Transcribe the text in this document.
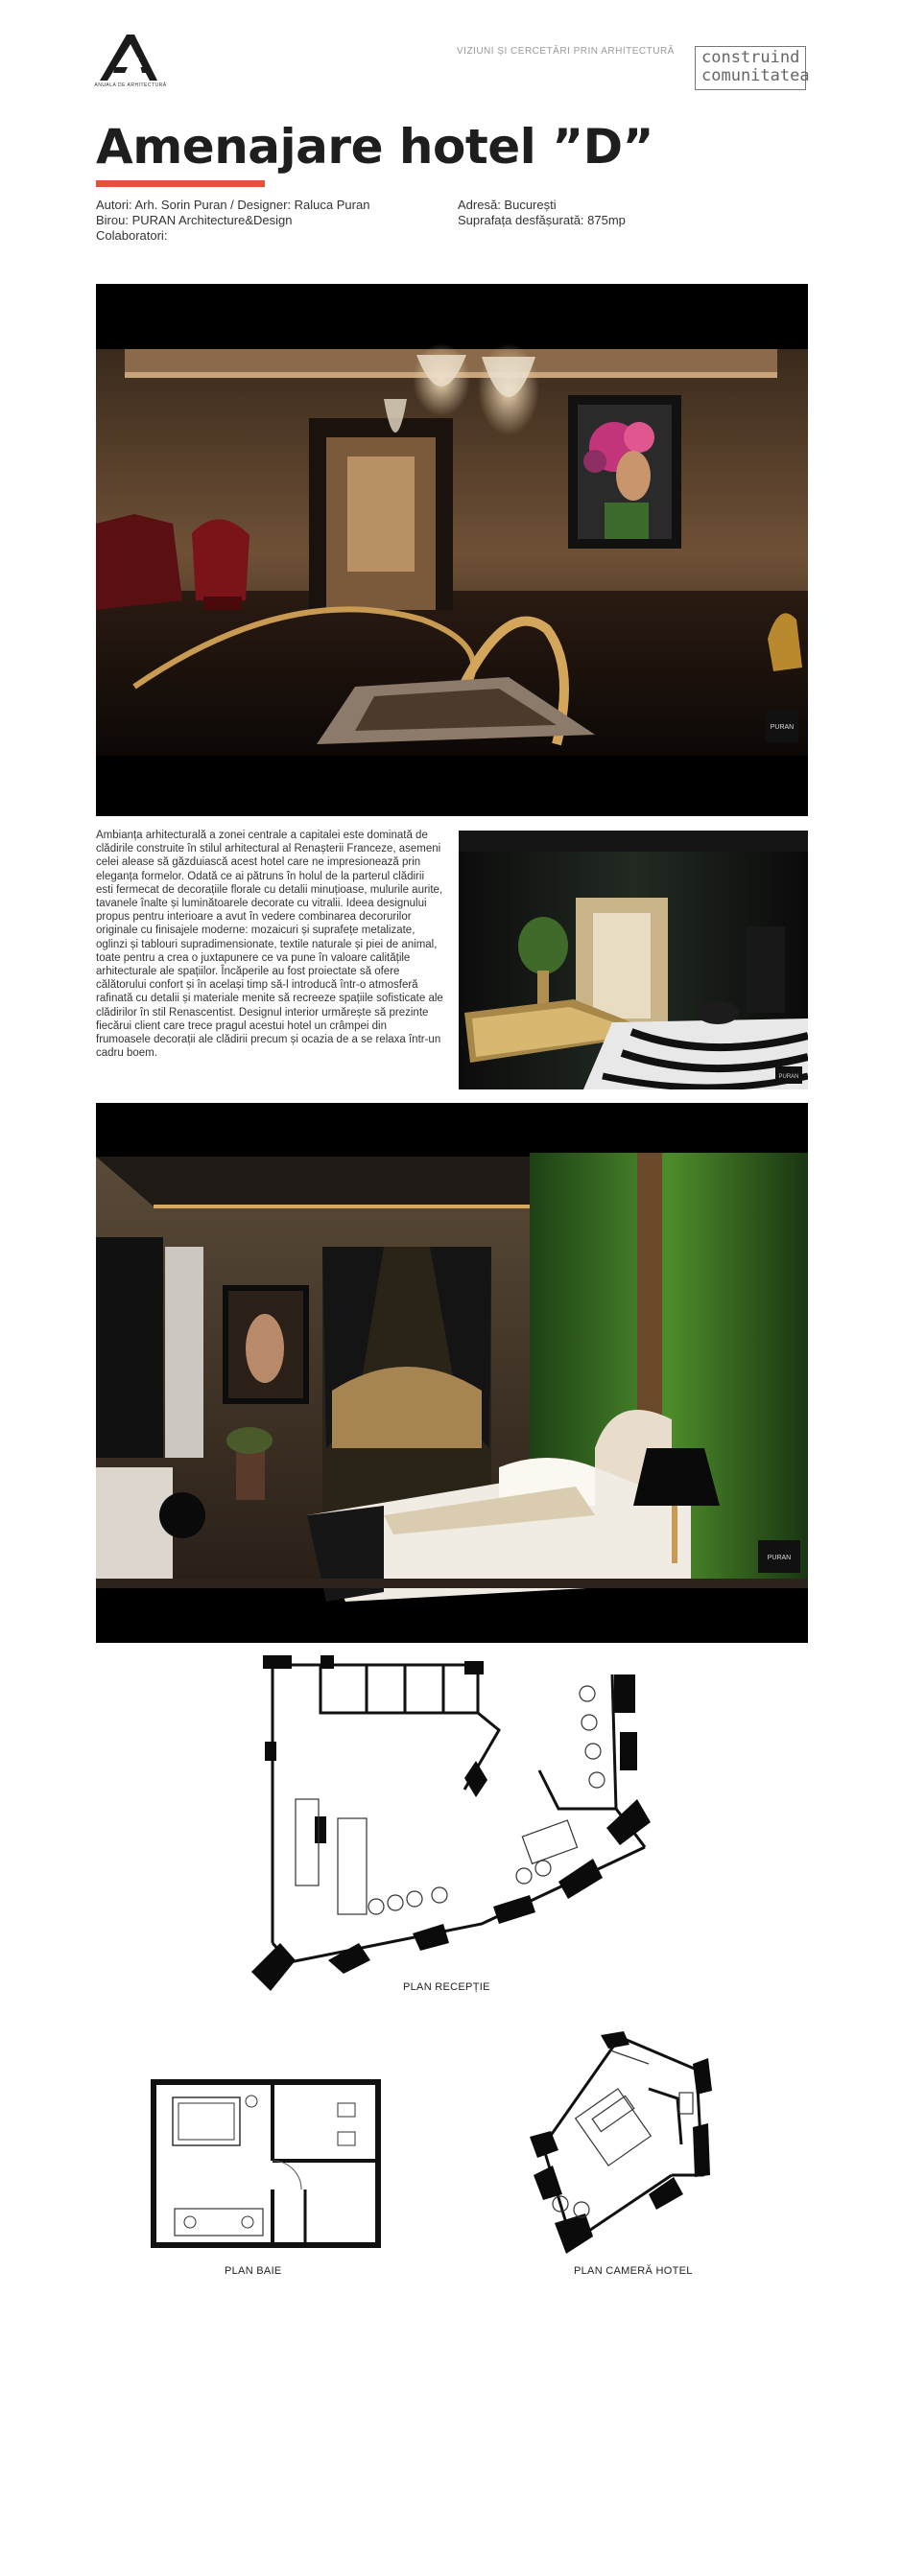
ANUALA DE ARHITECTURĂ
VIZIUNI ȘI CERCETĂRI PRIN ARHITECTURĂ construind
comunitatea
Amenajare hotel ”D”
Autori: Arh. Sorin Puran / Designer: Raluca Puran
Birou: PURAN Architecture&Design
Colaboratori:
Adresă: București
Suprafața desfășurată: 875mp
PURAN
Ambianța arhitecturală a zonei centrale a capitalei este dominată de clădirile construite în stilul arhitectural al Renașterii Franceze, asemeni celei alease să găzduiască acest hotel care ne impresionează prin eleganța formelor. Odată ce ai pătruns în holul de la parterul clădirii esti fermecat de decorațiile florale cu detalii minuțioase, mulurile aurite, tavanele înalte și luminătoarele decorate cu vitralii. Ideea designului propus pentru interioare a avut în vedere combinarea decorurilor originale cu finisajele moderne: mozaicuri și suprafețe metalizate, oglinzi și tablouri supradimensionate, textile naturale și piei de animal, toate pentru a crea o juxtapunere ce va pune în valoare calitățile arhitecturale ale spațiilor. Încăperile au fost proiectate să ofere călătorului confort și în același timp să-l introducă într-o atmosferă rafinată cu detalii și materiale menite să recreeze spațiile sofisticate ale clădirilor în stil Renascentist. Designul interior urmărește să prezinte fiecărui client care trece pragul acestui hotel un crâmpei din frumoasele decorații ale clădirii precum și ocazia de a se relaxa într-un cadru boem.
PURAN
PURAN
PLAN RECEPȚIE
PLAN BAIE	PLAN CAMERĂ HOTEL
